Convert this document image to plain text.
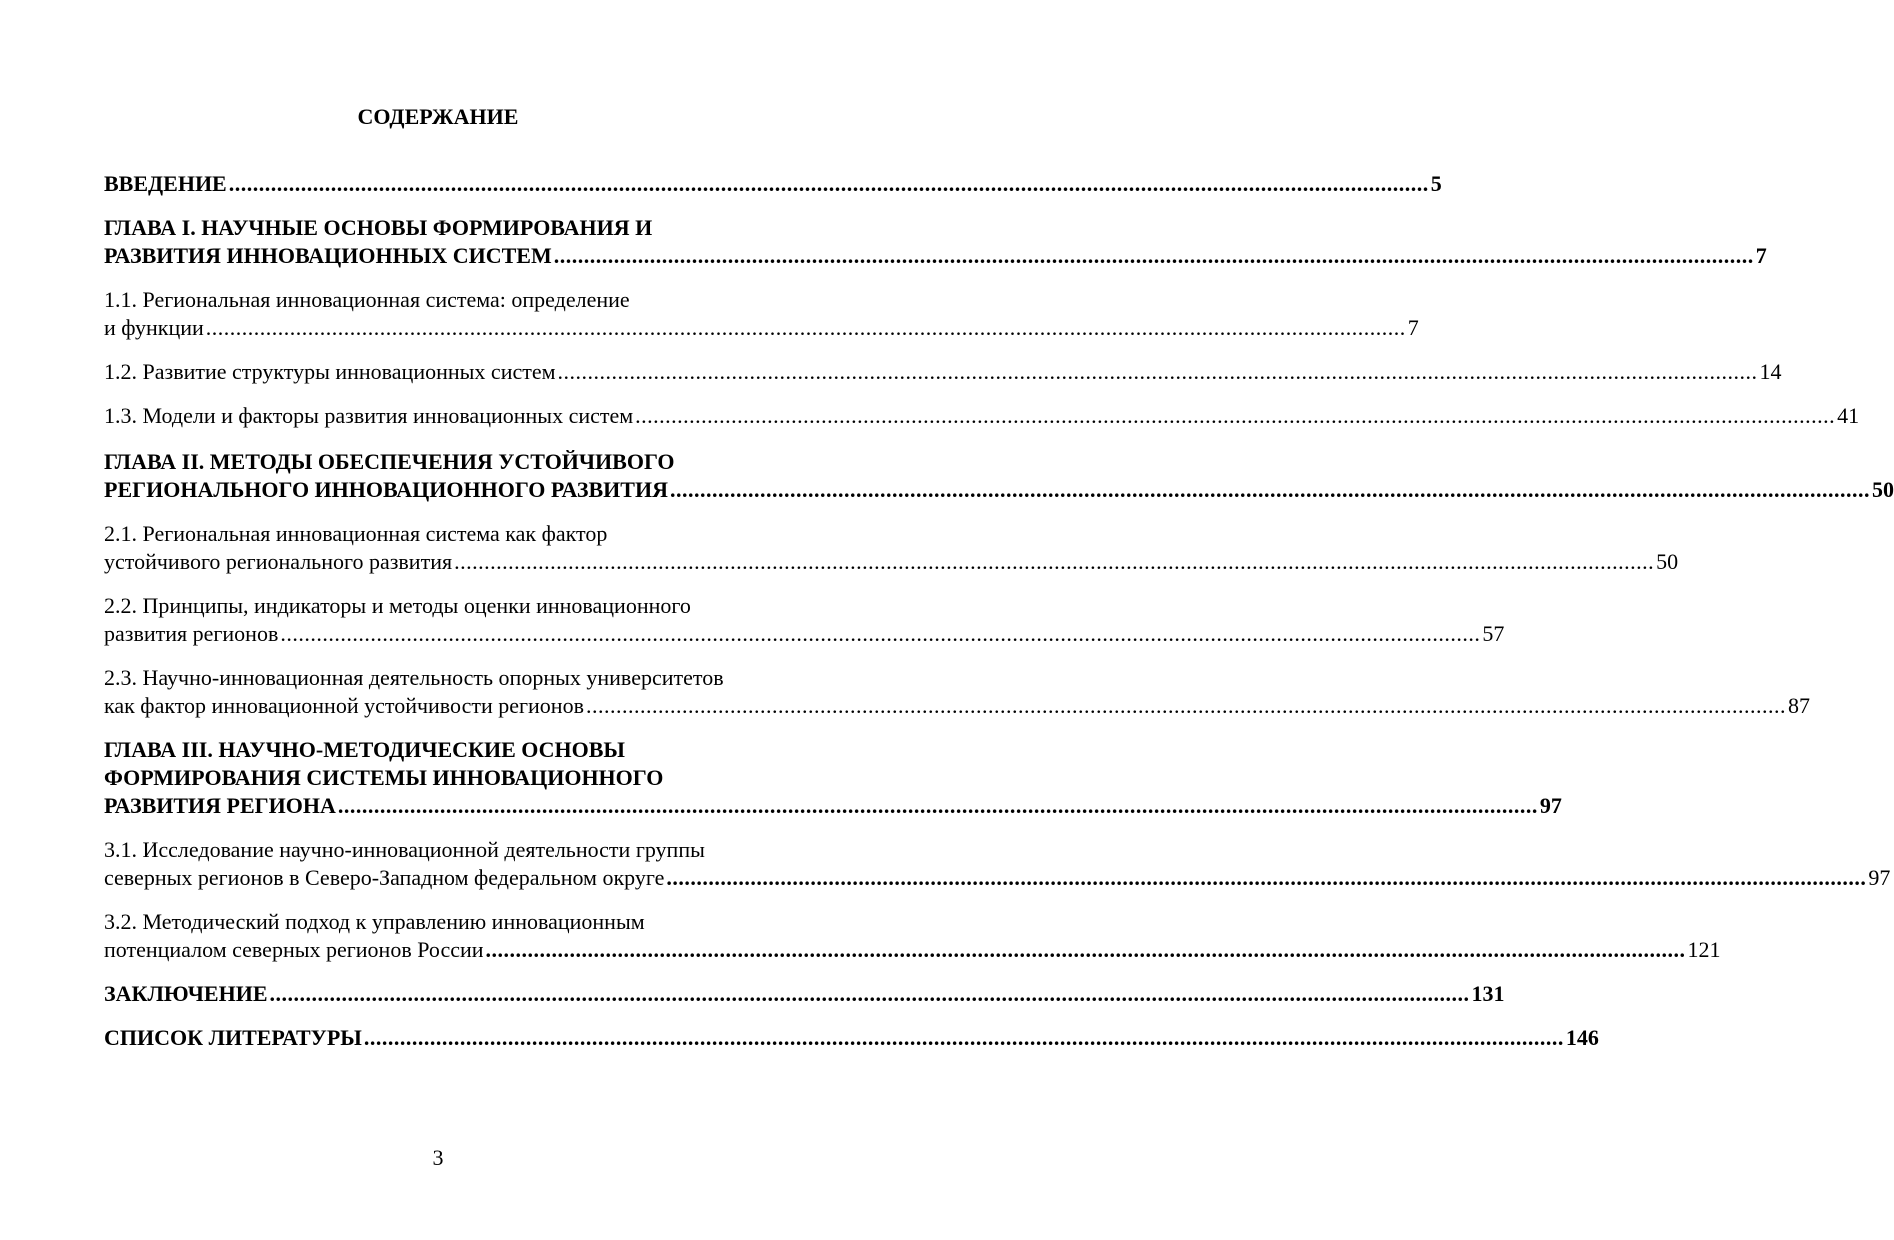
СОДЕРЖАНИЕ
ВВЕДЕНИЕ ........................................................................................................................................................................................................ 5
ГЛАВА I. НАУЧНЫЕ ОСНОВЫ ФОРМИРОВАНИЯ И
РАЗВИТИЯ ИННОВАЦИОННЫХ СИСТЕМ ........................................................................................................................................................................................................ 7
1.1. Региональная инновационная система: определение
и функции ........................................................................................................................................................................................................ 7
1.2. Развитие структуры инновационных систем ........................................................................................................................................................................................................ 14
1.3. Модели и факторы развития инновационных систем ........................................................................................................................................................................................................ 41
ГЛАВА II. МЕТОДЫ ОБЕСПЕЧЕНИЯ УСТОЙЧИВОГО
РЕГИОНАЛЬНОГО ИННОВАЦИОННОГО РАЗВИТИЯ ........................................................................................................................................................................................................ 50
2.1. Региональная инновационная система как фактор
устойчивого регионального развития ........................................................................................................................................................................................................ 50
2.2. Принципы, индикаторы и методы оценки инновационного
развития регионов ........................................................................................................................................................................................................ 57
2.3. Научно-инновационная деятельность опорных университетов
как фактор инновационной устойчивости регионов ........................................................................................................................................................................................................ 87
ГЛАВА III. НАУЧНО-МЕТОДИЧЕСКИЕ ОСНОВЫ
ФОРМИРОВАНИЯ СИСТЕМЫ ИННОВАЦИОННОГО
РАЗВИТИЯ РЕГИОНА ........................................................................................................................................................................................................ 97
3.1. Исследование научно-инновационной деятельности группы
северных регионов в Северо-Западном федеральном округе ........................................................................................................................................................................................................ 97
3.2. Методический подход к управлению инновационным
потенциалом северных регионов России ........................................................................................................................................................................................................ 121
ЗАКЛЮЧЕНИЕ ........................................................................................................................................................................................................ 131
СПИСОК ЛИТЕРАТУРЫ ........................................................................................................................................................................................................ 146
3
